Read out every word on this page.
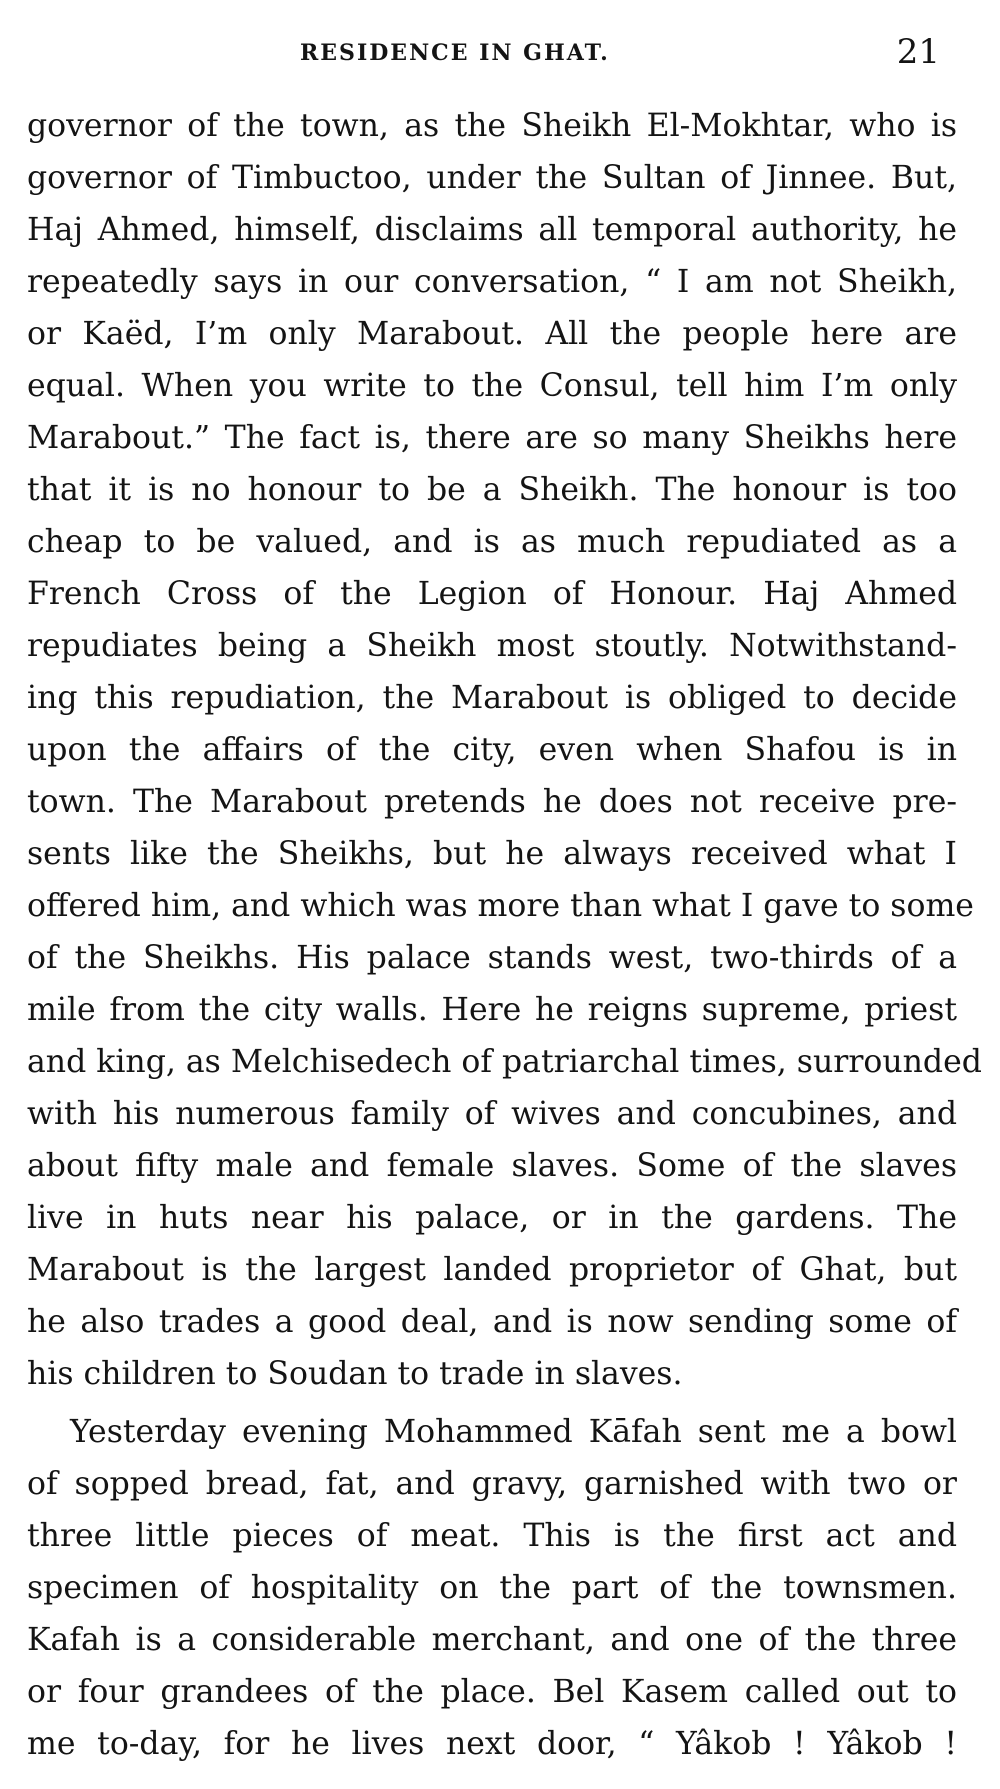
RESIDENCE IN GHAT.	21
governor of the town, as the Sheikh El-Mokhtar, who is
governor of Timbuctoo, under the Sultan of Jinnee. But,
Haj Ahmed, himself, disclaims all temporal authority, he
repeatedly says in our conversation, “ I am not Sheikh,
or Kaëd, I’m only Marabout. All the people here are
equal. When you write to the Consul, tell him I’m only
Marabout.” The fact is, there are so many Sheikhs here
that it is no honour to be a Sheikh. The honour is too
cheap to be valued, and is as much repudiated as a
French Cross of the Legion of Honour. Haj Ahmed
repudiates being a Sheikh most stoutly. Notwithstand-
ing this repudiation, the Marabout is obliged to decide
upon the affairs of the city, even when Shafou is in
town. The Marabout pretends he does not receive pre-
sents like the Sheikhs, but he always received what I
offered him, and which was more than what I gave to some
of the Sheikhs. His palace stands west, two-thirds of a
mile from the city walls. Here he reigns supreme, priest
and king, as Melchisedech of patriarchal times, surrounded
with his numerous family of wives and concubines, and
about fifty male and female slaves. Some of the slaves
live in huts near his palace, or in the gardens. The
Marabout is the largest landed proprietor of Ghat, but
he also trades a good deal, and is now sending some of
his children to Soudan to trade in slaves.
Yesterday evening Mohammed Kāfah sent me a bowl
of sopped bread, fat, and gravy, garnished with two or
three little pieces of meat. This is the first act and
specimen of hospitality on the part of the townsmen.
Kafah is a considerable merchant, and one of the three
or four grandees of the place. Bel Kasem called out to
me to-day, for he lives next door, “ Yâkob ! Yâkob !
